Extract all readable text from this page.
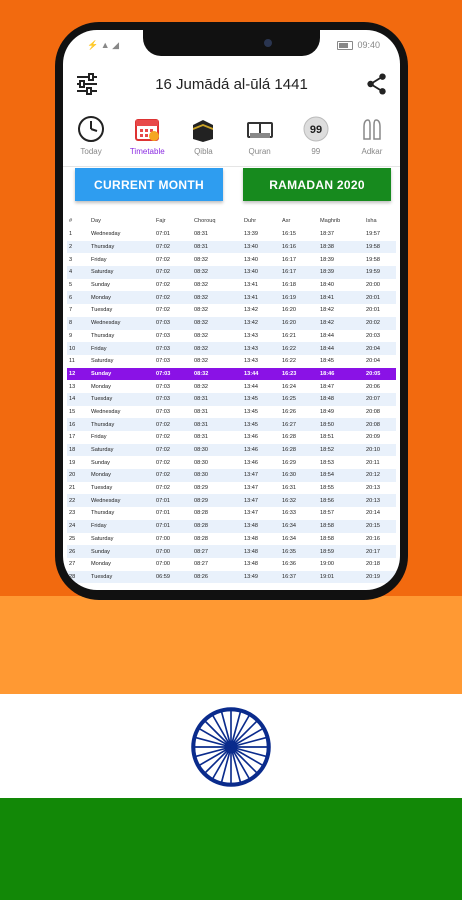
⚡ ▲ ◢	09:40
16 Jumādá al-ūlá 1441
Today	Timetable	Qibla	Quran
99
99	Adkar
CURRENT MONTH	RAMADAN 2020
#	Day	Fajr	Chorouq	Duhr	Asr	Maghrib	Isha
1	Wednesday	07:01	08:31	13:39	16:15	18:37	19:57
2	Thursday	07:02	08:31	13:40	16:16	18:38	19:58
3	Friday	07:02	08:32	13:40	16:17	18:39	19:58
4	Saturday	07:02	08:32	13:40	16:17	18:39	19:59
5	Sunday	07:02	08:32	13:41	16:18	18:40	20:00
6	Monday	07:02	08:32	13:41	16:19	18:41	20:01
7	Tuesday	07:02	08:32	13:42	16:20	18:42	20:01
8	Wednesday	07:03	08:32	13:42	16:20	18:42	20:02
9	Thursday	07:03	08:32	13:43	16:21	18:44	20:03
10	Friday	07:03	08:32	13:43	16:22	18:44	20:04
11	Saturday	07:03	08:32	13:43	16:22	18:45	20:04
12	Sunday	07:03	08:32	13:44	16:23	18:46	20:05
13	Monday	07:03	08:32	13:44	16:24	18:47	20:06
14	Tuesday	07:03	08:31	13:45	16:25	18:48	20:07
15	Wednesday	07:03	08:31	13:45	16:26	18:49	20:08
16	Thursday	07:02	08:31	13:45	16:27	18:50	20:08
17	Friday	07:02	08:31	13:46	16:28	18:51	20:09
18	Saturday	07:02	08:30	13:46	16:28	18:52	20:10
19	Sunday	07:02	08:30	13:46	16:29	18:53	20:11
20	Monday	07:02	08:30	13:47	16:30	18:54	20:12
21	Tuesday	07:02	08:29	13:47	16:31	18:55	20:13
22	Wednesday	07:01	08:29	13:47	16:32	18:56	20:13
23	Thursday	07:01	08:28	13:47	16:33	18:57	20:14
24	Friday	07:01	08:28	13:48	16:34	18:58	20:15
25	Saturday	07:00	08:28	13:48	16:34	18:58	20:16
26	Sunday	07:00	08:27	13:48	16:35	18:59	20:17
27	Monday	07:00	08:27	13:48	16:36	19:00	20:18
28	Tuesday	06:59	08:26	13:49	16:37	19:01	20:19
